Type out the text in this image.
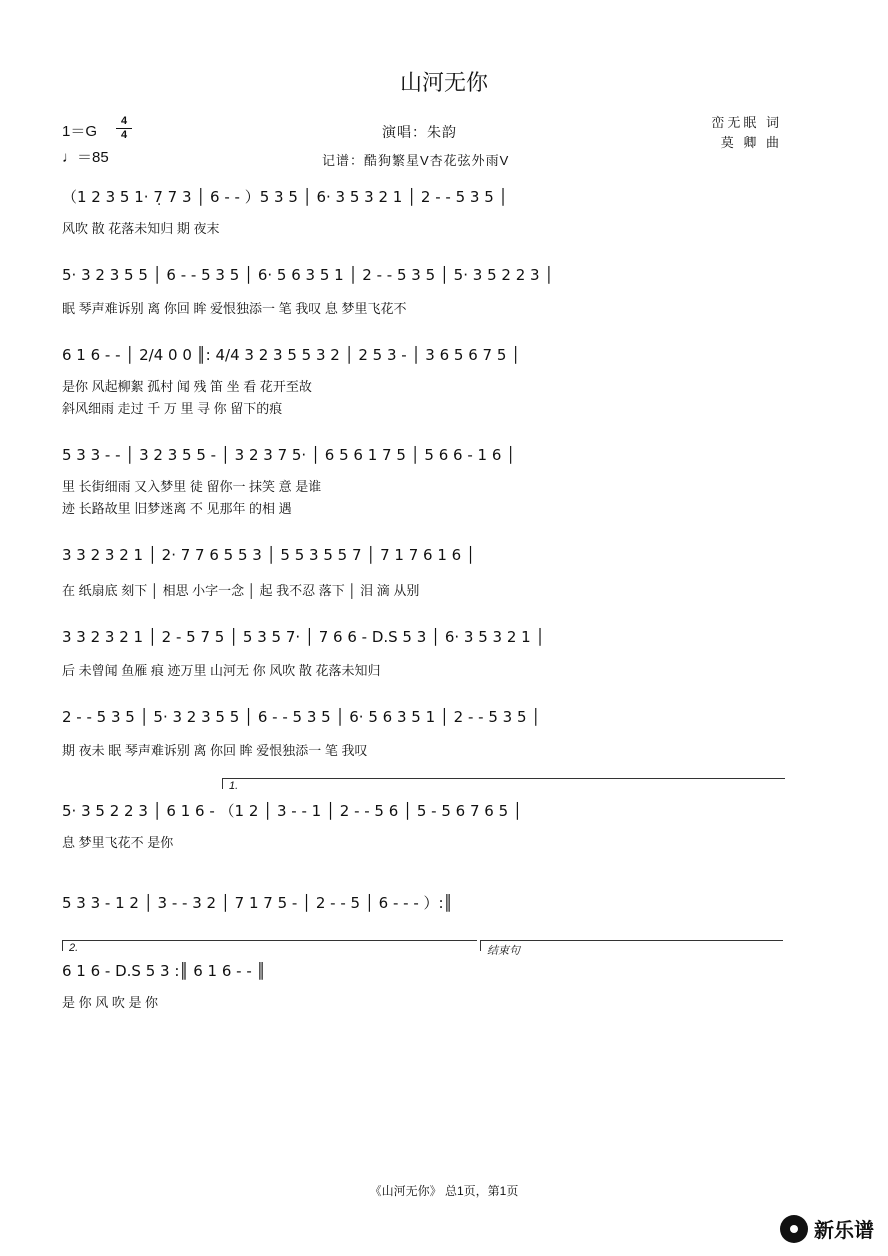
山河无你
1＝G
4
4
♩＝85
演唱：朱韵
记谱：酷狗繁星V杏花弦外雨V
峦无眠 词
莫 卿 曲
（1 2 3 5 1· 7̣ 7 3 │ 6 - - ）5 3 5 │ 6· 3 5 3 2 1 │ 2 - - 5 3 5 │
风吹 散 花落未知归 期 夜末
5· 3 2 3 5 5 │ 6 - - 5 3 5 │ 6· 5 6 3 5 1 │ 2 - - 5 3 5 │ 5· 3 5 2 2 3 │
眠 琴声难诉别 离 你回 眸 爱恨独添一 笔 我叹 息 梦里飞花不
6 1 6 - - │ 2/4 0 0 ║: 4/4 3 2 3 5 5 3 2 │ 2 5 3 - │ 3 6 5 6 7 5 │
是你 风起柳絮 孤村 闻 残 笛 坐 看 花开至故
斜风细雨 走过 千 万 里 寻 你 留下的痕
5 3 3 - - │ 3 2 3 5 5 - │ 3 2 3 7 5· │ 6 5 6 1 7 5 │ 5 6 6 - 1 6 │
里 长街细雨 又入梦里 徒 留你一 抹笑 意 是谁
迹 长路故里 旧梦迷离 不 见那年 的相 遇
3 3 2 3 2 1 │ 2· 7 7 6 5 5 3 │ 5 5 3 5 5 7 │ 7 1 7 6 1 6 │
在 纸扇底 刻下 │ 相思 小字一念 │ 起 我不忍 落下 │ 泪 滴 从别
3 3 2 3 2 1 │ 2 - 5 7 5 │ 5 3 5 7· │ 7 6 6 - D.S 5 3 │ 6· 3 5 3 2 1 │
后 未曾闻 鱼雁 痕 迹万里 山河无 你 风吹 散 花落未知归
2 - - 5 3 5 │ 5· 3 2 3 5 5 │ 6 - - 5 3 5 │ 6· 5 6 3 5 1 │ 2 - - 5 3 5 │
期 夜未 眠 琴声难诉别 离 你回 眸 爱恨独添一 笔 我叹
1.
5· 3 5 2 2 3 │ 6 1 6 - （1 2 │ 3 - - 1 │ 2 - - 5 6 │ 5 - 5 6 7 6 5 │
息 梦里飞花不 是你
5 3 3 - 1 2 │ 3 - - 3 2 │ 7 1 7 5 - │ 2 - - 5 │ 6 - - - ）:║
2.	结束句
6 1 6 - D.S 5 3 :║ 6 1 6 - - ║
是 你 风 吹 是 你
《山河无你》 总1页，第1页
新乐谱
